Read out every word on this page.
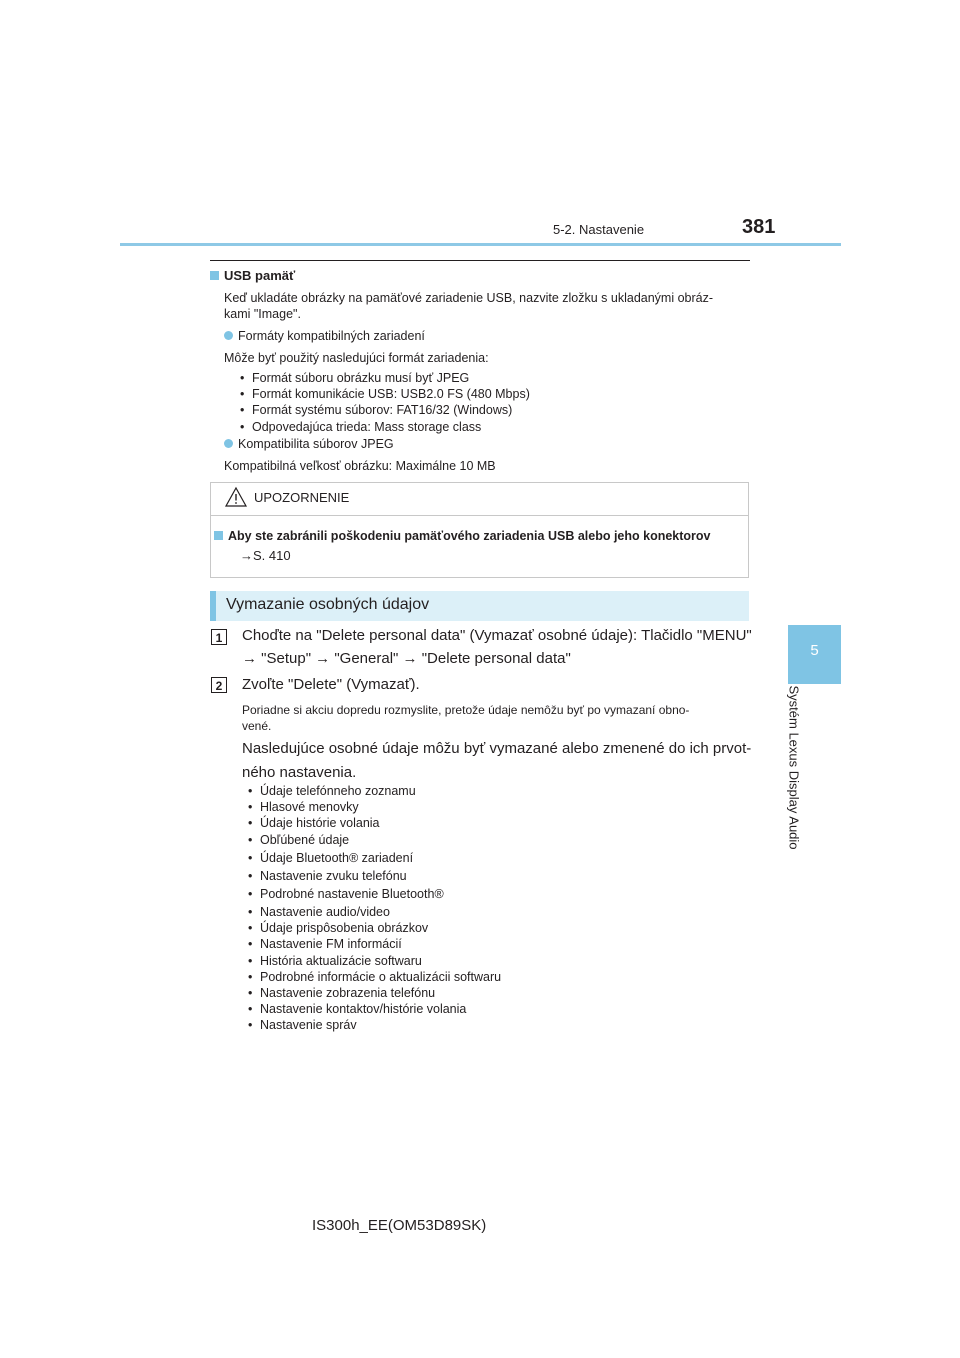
5-2. Nastavenie	381
5
Systém Lexus Display Audio
USB pamäť
Keď ukladáte obrázky na pamäťové zariadenie USB, nazvite zložku s ukladanými obráz-
kami "Image".
Formáty kompatibilných zariadení
Môže byť použitý nasledujúci formát zariadenia:
• Formát súboru obrázku musí byť JPEG
• Formát komunikácie USB: USB2.0 FS (480 Mbps)
• Formát systému súborov: FAT16/32 (Windows)
• Odpovedajúca trieda: Mass storage class
Kompatibilita súborov JPEG
Kompatibilná veľkosť obrázku: Maximálne 10 MB
UPOZORNENIE
Aby ste zabránili poškodeniu pamäťového zariadenia USB alebo jeho konektorov
→S. 410
Vymazanie osobných údajov
1	Choďte na "Delete personal data" (Vymazať osobné údaje): Tlačidlo "MENU"
→ "Setup" → "General" → "Delete personal data"
2	Zvoľte "Delete" (Vymazať).
Poriadne si akciu dopredu rozmyslite, pretože údaje nemôžu byť po vymazaní obno-
vené.
Nasledujúce osobné údaje môžu byť vymazané alebo zmenené do ich prvot-
ného nastavenia.
• Údaje telefónneho zoznamu
• Hlasové menovky
• Údaje histórie volania
• Obľúbené údaje
• Údaje Bluetooth® zariadení
• Nastavenie zvuku telefónu
• Podrobné nastavenie Bluetooth®
• Nastavenie audio/video
• Údaje prispôsobenia obrázkov
• Nastavenie FM informácií
• História aktualizácie softwaru
• Podrobné informácie o aktualizácii softwaru
• Nastavenie zobrazenia telefónu
• Nastavenie kontaktov/histórie volania
• Nastavenie správ
IS300h_EE(OM53D89SK)
